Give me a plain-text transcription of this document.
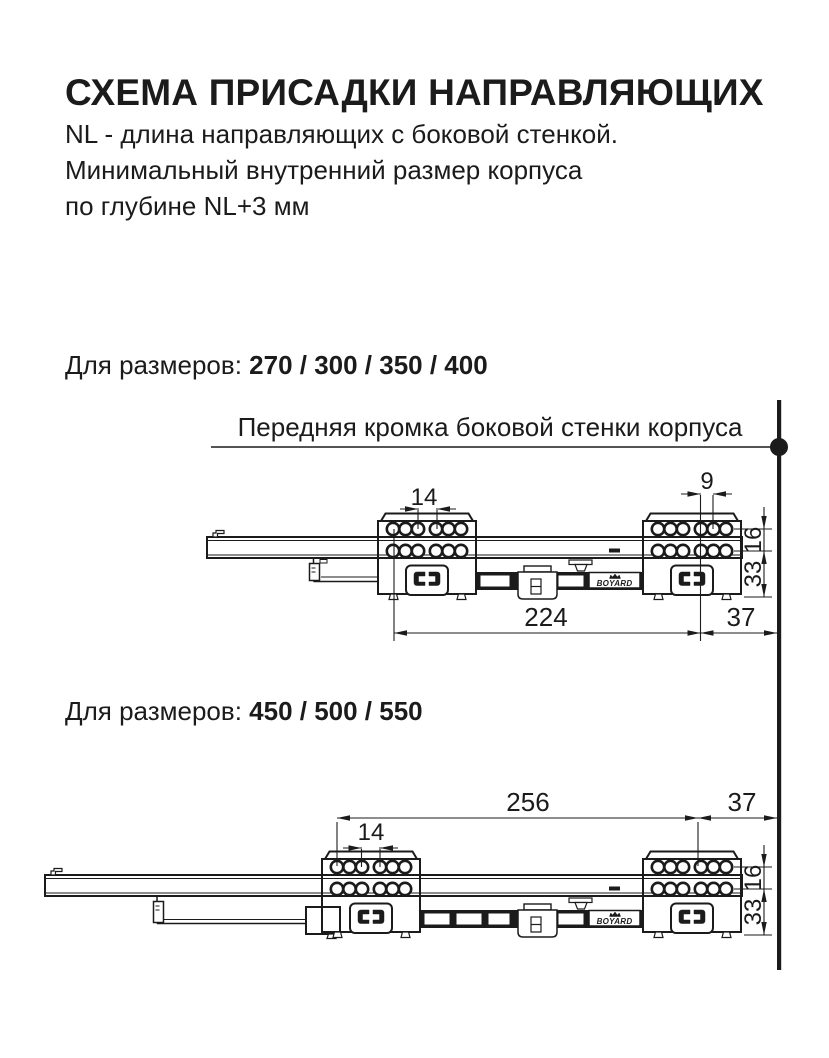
СХЕМА ПРИСАДКИ НАПРАВЛЯЮЩИХ
NL - длина направляющих с боковой стенкой.
Минимальный внутренний размер корпуса
по глубине NL+3 мм
Для размеров: 270 / 300 / 350 / 400
Для размеров: 450 / 500 / 550
Передняя кромка боковой стенки корпуса
14
9
16
33
224	37
BOYARD
256	37
14
16
33
BOYARD
